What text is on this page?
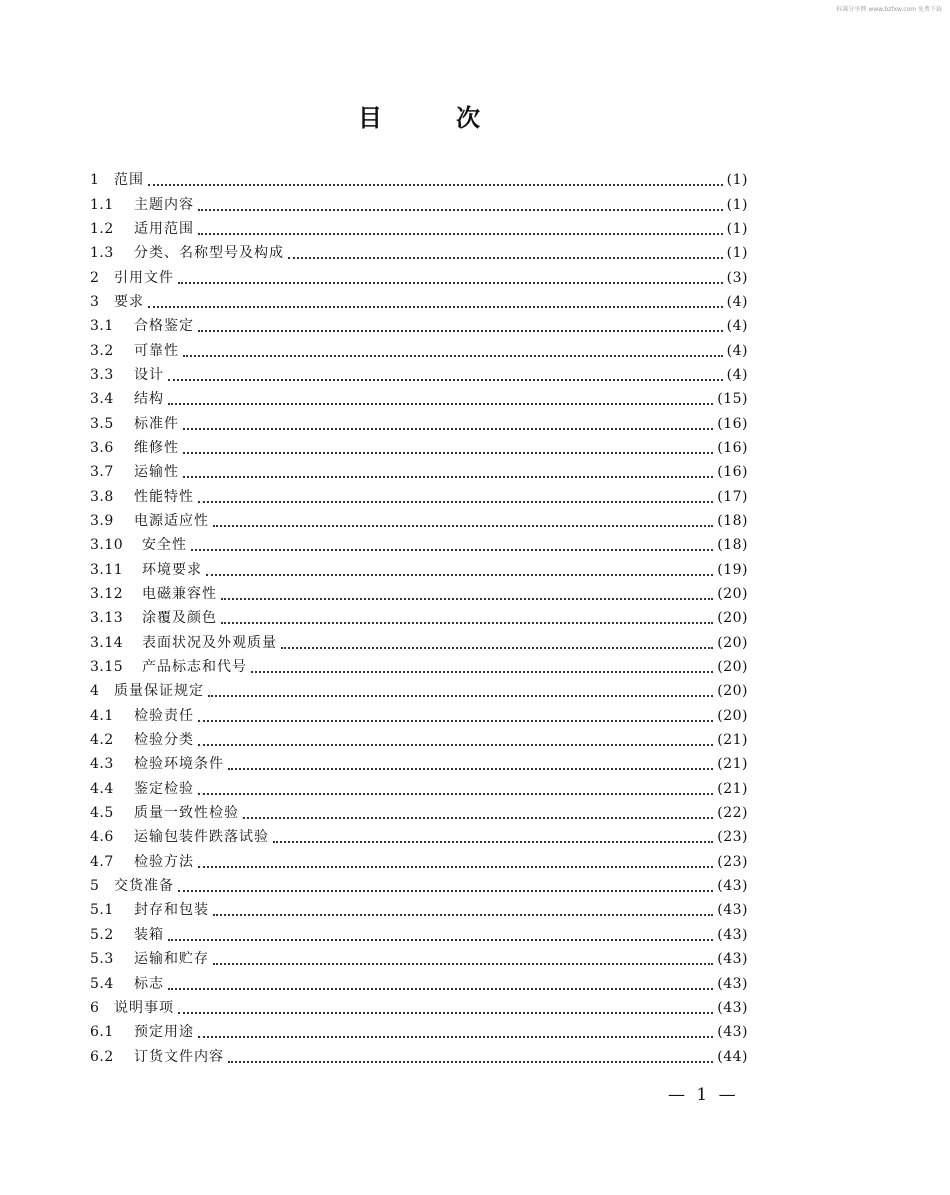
标准分享网 www.bzfxw.com 免费下载
目	次
1	范围	(1)
1.1	主题内容	(1)
1.2	适用范围	(1)
1.3	分类、名称型号及构成	(1)
2	引用文件	(3)
3	要求	(4)
3.1	合格鉴定	(4)
3.2	可靠性	(4)
3.3	设计	(4)
3.4	结构	(15)
3.5	标准件	(16)
3.6	维修性	(16)
3.7	运输性	(16)
3.8	性能特性	(17)
3.9	电源适应性	(18)
3.10	安全性	(18)
3.11	环境要求	(19)
3.12	电磁兼容性	(20)
3.13	涂覆及颜色	(20)
3.14	表面状况及外观质量	(20)
3.15	产品标志和代号	(20)
4	质量保证规定	(20)
4.1	检验责任	(20)
4.2	检验分类	(21)
4.3	检验环境条件	(21)
4.4	鉴定检验	(21)
4.5	质量一致性检验	(22)
4.6	运输包装件跌落试验	(23)
4.7	检验方法	(23)
5	交货准备	(43)
5.1	封存和包装	(43)
5.2	装箱	(43)
5.3	运输和贮存	(43)
5.4	标志	(43)
6	说明事项	(43)
6.1	预定用途	(43)
6.2	订货文件内容	(44)
— 1 —
